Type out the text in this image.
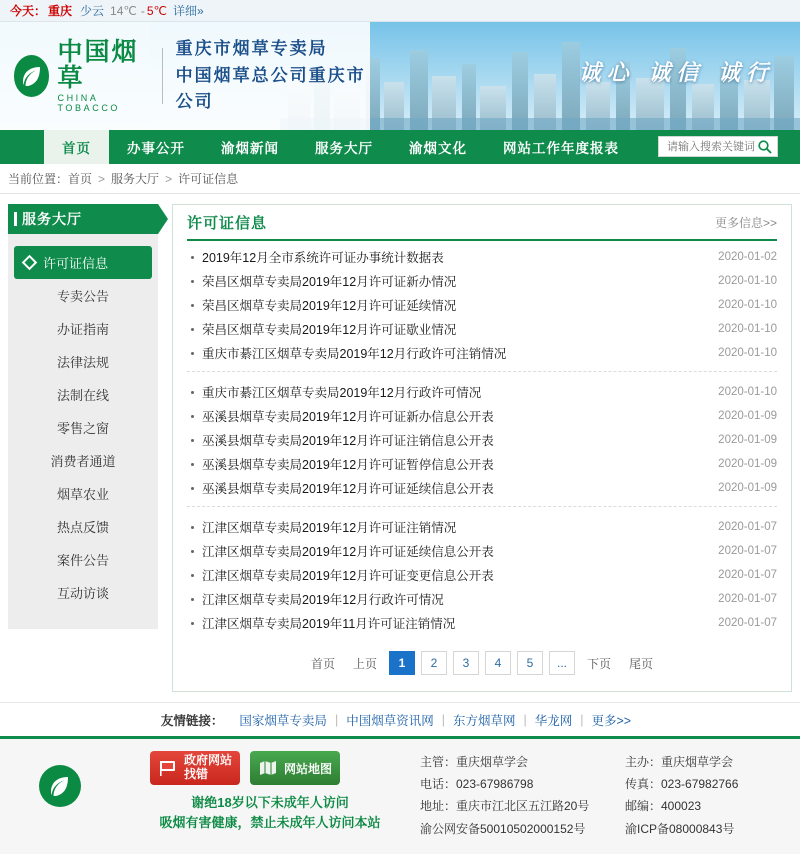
今天： 重庆 少云 14℃ - 5℃ 详细»
中国烟草
CHINA TOBACCO
重庆市烟草专卖局
中国烟草总公司重庆市公司
诚心 诚信 诚行
首页	办事公开	渝烟新闻	服务大厅	渝烟文化	网站工作年度报表
请输入搜索关键词
当前位置： 首页 > 服务大厅 > 许可证信息
服务大厅
许可证信息
专卖公告
办证指南
法律法规
法制在线
零售之窗
消费者通道
烟草农业
热点反馈
案件公告
互动访谈
许可证信息	更多信息>>
2019年12月全市系统许可证办事统计数据表	2020-01-02
荣昌区烟草专卖局2019年12月许可证新办情况	2020-01-10
荣昌区烟草专卖局2019年12月许可证延续情况	2020-01-10
荣昌区烟草专卖局2019年12月许可证歇业情况	2020-01-10
重庆市綦江区烟草专卖局2019年12月行政许可注销情况	2020-01-10
重庆市綦江区烟草专卖局2019年12月行政许可情况	2020-01-10
巫溪县烟草专卖局2019年12月许可证新办信息公开表	2020-01-09
巫溪县烟草专卖局2019年12月许可证注销信息公开表	2020-01-09
巫溪县烟草专卖局2019年12月许可证暂停信息公开表	2020-01-09
巫溪县烟草专卖局2019年12月许可证延续信息公开表	2020-01-09
江津区烟草专卖局2019年12月许可证注销情况	2020-01-07
江津区烟草专卖局2019年12月许可证延续信息公开表	2020-01-07
江津区烟草专卖局2019年12月许可证变更信息公开表	2020-01-07
江津区烟草专卖局2019年12月行政许可情况	2020-01-07
江津区烟草专卖局2019年11月许可证注销情况	2020-01-07
首页	上页	1	2	3	4	5	...	下页	尾页
友情链接： 国家烟草专卖局 | 中国烟草资讯网 | 东方烟草网 | 华龙网 | 更多>>
政府网站
找错	网站地图
谢绝18岁以下未成年人访问
吸烟有害健康，禁止未成年人访问本站
主管：重庆烟草学会
电话：023-67986798
地址：重庆市江北区五江路20号
渝公网安备50010502000152号
主办：重庆烟草学会
传真：023-67982766
邮编：400023
渝ICP备08000843号
